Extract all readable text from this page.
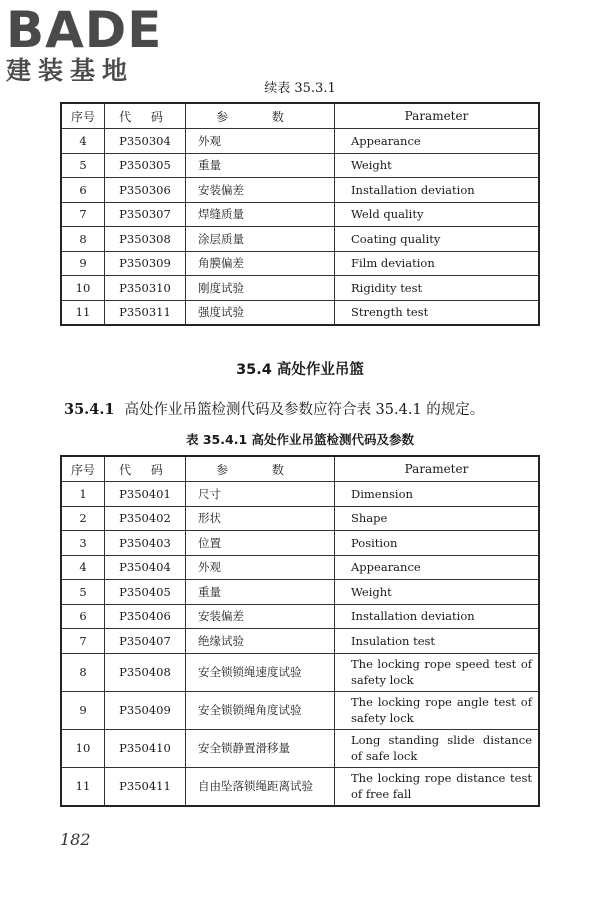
BADE
建装基地
续表 35.3.1
序号	代 码	参 数	Parameter
4	P350304	外观	Appearance
5	P350305	重量	Weight
6	P350306	安装偏差	Installation deviation
7	P350307	焊缝质量	Weld quality
8	P350308	涂层质量	Coating quality
9	P350309	角膜偏差	Film deviation
10	P350310	刚度试验	Rigidity test
11	P350311	强度试验	Strength test
35.4 高处作业吊篮
35.4.1 高处作业吊篮检测代码及参数应符合表 35.4.1 的规定。
表 35.4.1 高处作业吊篮检测代码及参数
序号	代 码	参 数	Parameter
1	P350401	尺寸	Dimension
2	P350402	形状	Shape
3	P350403	位置	Position
4	P350404	外观	Appearance
5	P350405	重量	Weight
6	P350406	安装偏差	Installation deviation
7	P350407	绝缘试验	Insulation test
8	P350408	安全锁锁绳速度试验	The locking rope speed test of safety lock
9	P350409	安全锁锁绳角度试验	The locking rope angle test of safety lock
10	P350410	安全锁静置滑移量	Long standing slide distance of safe lock
11	P350411	自由坠落锁绳距离试验	The locking rope distance test of free fall
182
